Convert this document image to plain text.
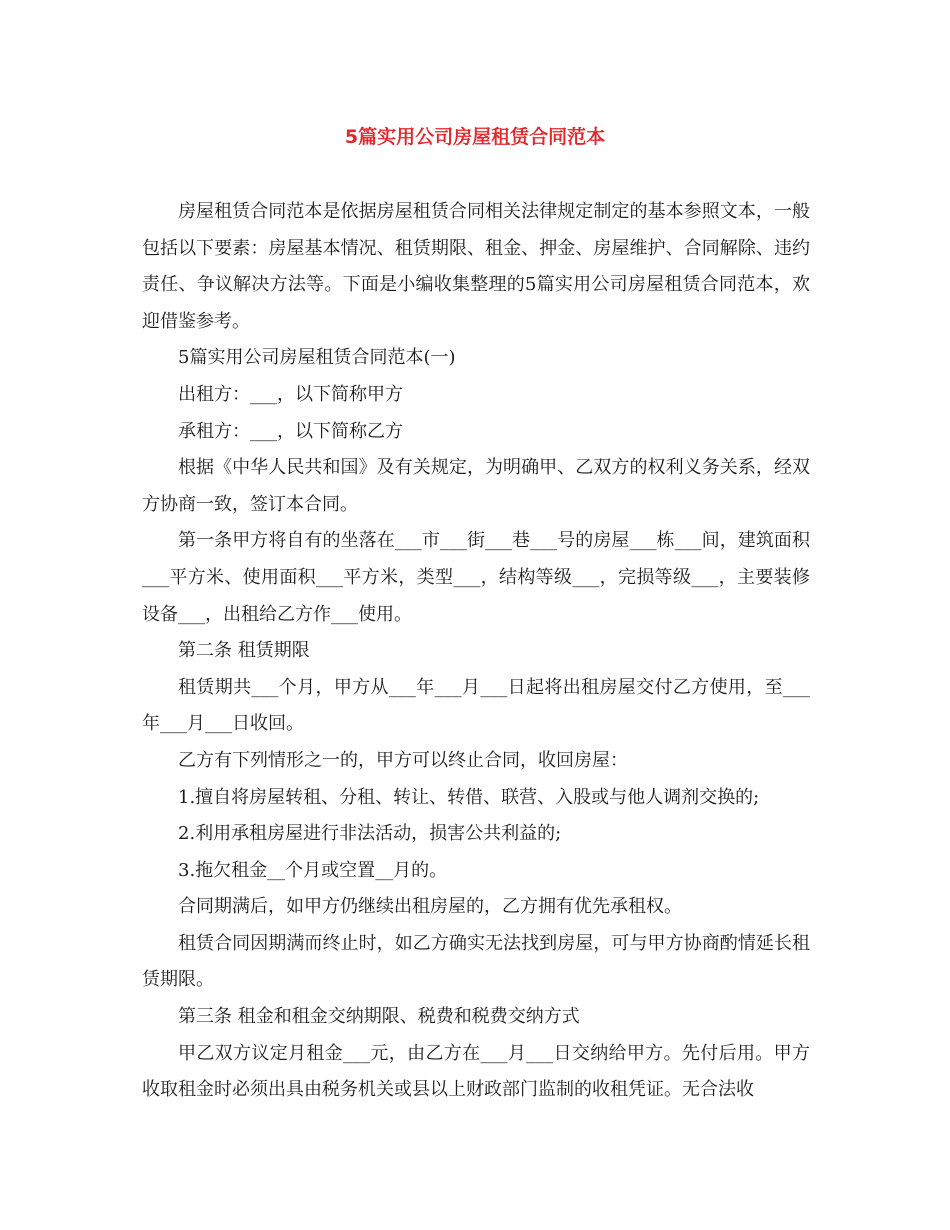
5篇实用公司房屋租赁合同范本

房屋租赁合同范本是依据房屋租赁合同相关法律规定制定的基本参照文本，一般包括以下要素：房屋基本情况、租赁期限、租金、押金、房屋维护、合同解除、违约责任、争议解决方法等。下面是小编收集整理的5篇实用公司房屋租赁合同范本，欢迎借鉴参考。

5篇实用公司房屋租赁合同范本(一)

出租方：___，以下简称甲方

承租方：___，以下简称乙方

根据《中华人民共和国》及有关规定，为明确甲、乙双方的权利义务关系，经双方协商一致，签订本合同。

第一条甲方将自有的坐落在___市___街___巷___号的房屋___栋___间，建筑面积___平方米、使用面积___平方米，类型___，结构等级___，完损等级___，主要装修设备___，出租给乙方作___使用。

第二条 租赁期限

租赁期共___个月，甲方从___年___月___日起将出租房屋交付乙方使用，至___年___月___日收回。

乙方有下列情形之一的，甲方可以终止合同，收回房屋：

1.擅自将房屋转租、分租、转让、转借、联营、入股或与他人调剂交换的;

2.利用承租房屋进行非法活动，损害公共利益的;

3.拖欠租金__个月或空置__月的。

合同期满后，如甲方仍继续出租房屋的，乙方拥有优先承租权。

租赁合同因期满而终止时，如乙方确实无法找到房屋，可与甲方协商酌情延长租赁期限。

第三条 租金和租金交纳期限、税费和税费交纳方式

甲乙双方议定月租金___元，由乙方在___月___日交纳给甲方。先付后用。甲方收取租金时必须出具由税务机关或县以上财政部门监制的收租凭证。无合法收
